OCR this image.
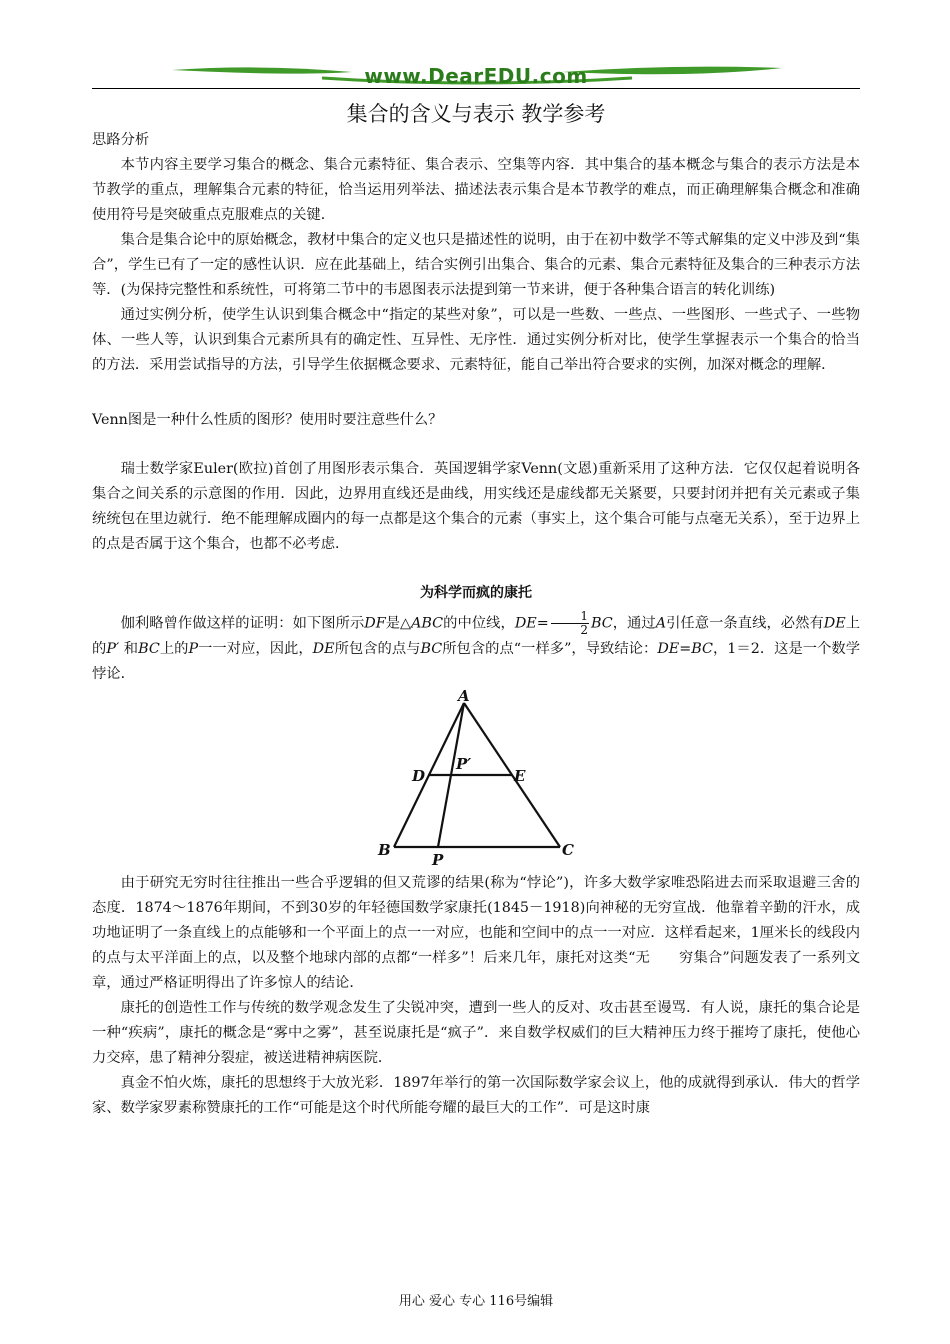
www.DearEDU.com
集合的含义与表示 教学参考

思路分析

本节内容主要学习集合的概念、集合元素特征、集合表示、空集等内容．其中集合的基本概念与集合的表示方法是本节教学的重点，理解集合元素的特征，恰当运用列举法、描述法表示集合是本节教学的难点，而正确理解集合概念和准确使用符号是突破重点克服难点的关键．

集合是集合论中的原始概念，教材中集合的定义也只是描述性的说明，由于在初中数学不等式解集的定义中涉及到“集合”，学生已有了一定的感性认识．应在此基础上，结合实例引出集合、集合的元素、集合元素特征及集合的三种表示方法等．(为保持完整性和系统性，可将第二节中的韦恩图表示法提到第一节来讲，便于各种集合语言的转化训练)

通过实例分析，使学生认识到集合概念中“指定的某些对象”，可以是一些数、一些点、一些图形、一些式子、一些物体、一些人等，认识到集合元素所具有的确定性、互异性、无序性．通过实例分析对比，使学生掌握表示一个集合的恰当的方法．采用尝试指导的方法，引导学生依据概念要求、元素特征，能自己举出符合要求的实例，加深对概念的理解．

Venn图是一种什么性质的图形？使用时要注意些什么？

瑞士数学家Euler(欧拉)首创了用图形表示集合．英国逻辑学家Venn(文恩)重新采用了这种方法．它仅仅起着说明各集合之间关系的示意图的作用．因此，边界用直线还是曲线，用实线还是虚线都无关紧要，只要封闭并把有关元素或子集统统包在里边就行．绝不能理解成圈内的每一点都是这个集合的元素（事实上，这个集合可能与点毫无关系），至于边界上的点是否属于这个集合，也都不必考虑．

为科学而疯的康托

伽利略曾作做这样的证明：如下图所示DF是△ABC的中位线，$DE= \frac{1}{2}$ BC，通过A引任意一条直线，必然有DE上的P′ 和BC上的P一一对应，因此，DE所包含的点与BC所包含的点“一样多”，导致结论：DE=BC，1＝2．这是一个数学悖论．

A
B	C
D	E
P
P′

由于研究无穷时往往推出一些合乎逻辑的但又荒谬的结果(称为“悖论”)，许多大数学家唯恐陷进去而采取退避三舍的态度．1874～1876年期间，不到30岁的年轻德国数学家康托(1845－1918)向神秘的无穷宣战．他靠着辛勤的汗水，成功地证明了一条直线上的点能够和一个平面上的点一一对应，也能和空间中的点一一对应．这样看起来，1厘米长的线段内的点与太平洋面上的点，以及整个地球内部的点都“一样多”！后来几年，康托对这类“无　　穷集合”问题发表了一系列文章，通过严格证明得出了许多惊人的结论．

康托的创造性工作与传统的数学观念发生了尖锐冲突，遭到一些人的反对、攻击甚至谩骂．有人说，康托的集合论是一种“疾病”，康托的概念是“雾中之雾”，甚至说康托是“疯子”．来自数学权威们的巨大精神压力终于摧垮了康托，使他心力交瘁，患了精神分裂症，被送进精神病医院．

真金不怕火炼，康托的思想终于大放光彩．1897年举行的第一次国际数学家会议上，他的成就得到承认．伟大的哲学家、数学家罗素称赞康托的工作“可能是这个时代所能夸耀的最巨大的工作”．可是这时康

用心 爱心 专心 116号编辑
